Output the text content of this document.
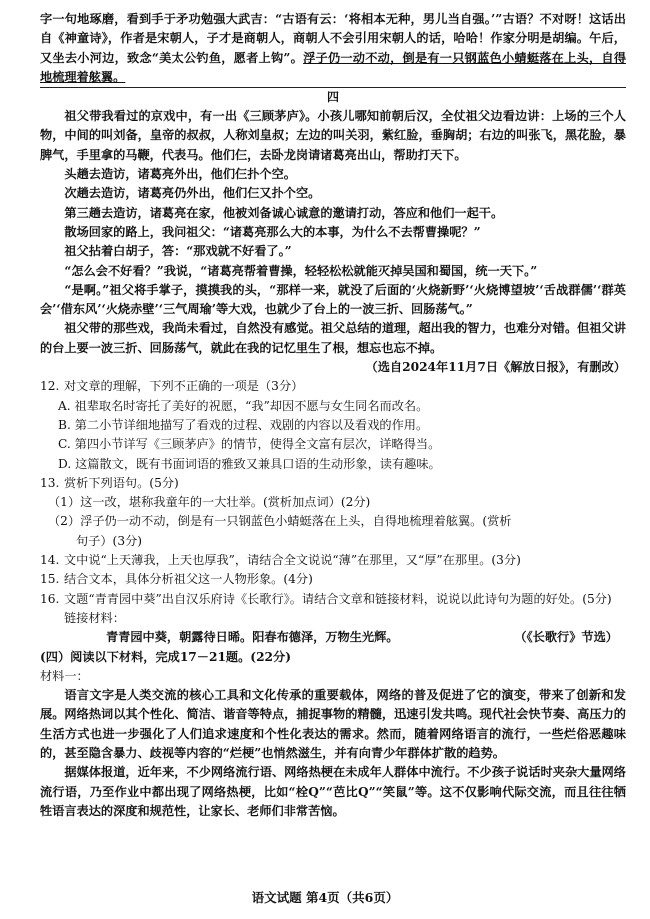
字一句地琢磨，看到手于矛功勉强大武吉：“古语有云：‘将相本无种，男儿当自强。’”古语？不对呀！这话出自《神童诗》，作者是宋朝人，子才是商朝人，商朝人不会引用宋朝人的话，哈哈！作家分明是胡编。午后，又坐去小河边，致念“美太公钓鱼，愿者上钩”。浮子仍一动不动，倒是有一只钢蓝色小蜻蜓落在上头，自得地梳理着舷翼。

四

祖父带我看过的京戏中，有一出《三顾茅庐》。小孩儿哪知前朝后汉，全仗祖父边看边讲：上场的三个人物，中间的叫刘备，皇帝的叔叔，人称刘皇叔；左边的叫关羽，紫红脸，垂胸胡；右边的叫张飞，黑花脸，暴脾气，手里拿的马鞭，代表马。他们仨，去卧龙岗请诸葛亮出山，帮助打天下。

头趟去造访，诸葛亮外出，他们仨扑个空。

次趟去造访，诸葛亮仍外出，他们仨又扑个空。

第三趟去造访，诸葛亮在家，他被刘备诚心诚意的邀请打动，答应和他们一起干。

散场回家的路上，我问祖父：“诸葛亮那么大的本事，为什么不去帮曹操呢？”

祖父拈着白胡子，答：“那戏就不好看了。”

“怎么会不好看？”我说，“诸葛亮帮着曹操，轻轻松松就能灭掉吴国和蜀国，统一天下。”

“是啊。”祖父将手掌子，摸摸我的头，“那样一来，就没了后面的‘火烧新野’‘火烧博望坡’‘舌战群儒’‘群英会’‘借东风’‘火烧赤壁’‘三气周瑜’等大戏，也就少了台上的一波三折、回肠荡气。”

祖父带的那些戏，我尚未看过，自然没有感觉。祖父总结的道理，超出我的智力，也难分对错。但祖父讲的台上要一波三折、回肠荡气，就此在我的记忆里生了根，想忘也忘不掉。

（选自2024年11月7日《解放日报》，有删改）
12. 对文章的理解，下列不正确的一项是（3分）
A. 祖辈取名时寄托了美好的祝愿，“我”却因不愿与女生同名而改名。
B. 第二小节详细地描写了看戏的过程、戏剧的内容以及看戏的作用。
C. 第四小节详写《三顾茅庐》的情节，使得全文富有层次，详略得当。
D. 这篇散文，既有书面词语的雅致又兼具口语的生动形象，读有趣味。
13. 赏析下列语句。(5分)
（1）这一改，堪称我童年的一大壮举。(赏析加点词）(2分)
（2）浮子仍一动不动，倒是有一只钢蓝色小蜻蜓落在上头，自得地梳理着舷翼。(赏析
句子）(3分)
14. 文中说“上天薄我，上天也厚我”，请结合全文说说“薄”在那里，又“厚”在那里。(3分)
15. 结合文本，具体分析祖父这一人物形象。(4分)
16. 文题“青青园中葵”出自汉乐府诗《长歌行》。请结合文章和链接材料，说说以此诗句为题的好处。(5分)
链接材料：
青青园中葵，朝露待日晞。阳春布德泽，万物生光辉。	（《长歌行》节选）

(四）阅读以下材料，完成17－21题。(22分)

材料一：

语言文字是人类交流的核心工具和文化传承的重要载体，网络的普及促进了它的演变，带来了创新和发展。网络热词以其个性化、简洁、谐音等特点，捕捉事物的精髓，迅速引发共鸣。现代社会快节奏、高压力的生活方式也进一步强化了人们追求速度和个性化表达的需求。然而，随着网络语言的流行，一些烂俗恶趣味的，甚至隐含暴力、歧视等内容的“烂梗”也悄然滋生，并有向青少年群体扩散的趋势。

据媒体报道，近年来，不少网络流行语、网络热梗在未成年人群体中流行。不少孩子说话时夹杂大量网络流行语，乃至作业中都出现了网络热梗，比如“栓Q”“芭比Q”“笑鼠”等。这不仅影响代际交流，而且往往牺牲语言表达的深度和规范性，让家长、老师们非常苦恼。

语文试题 第4页（共6页）
